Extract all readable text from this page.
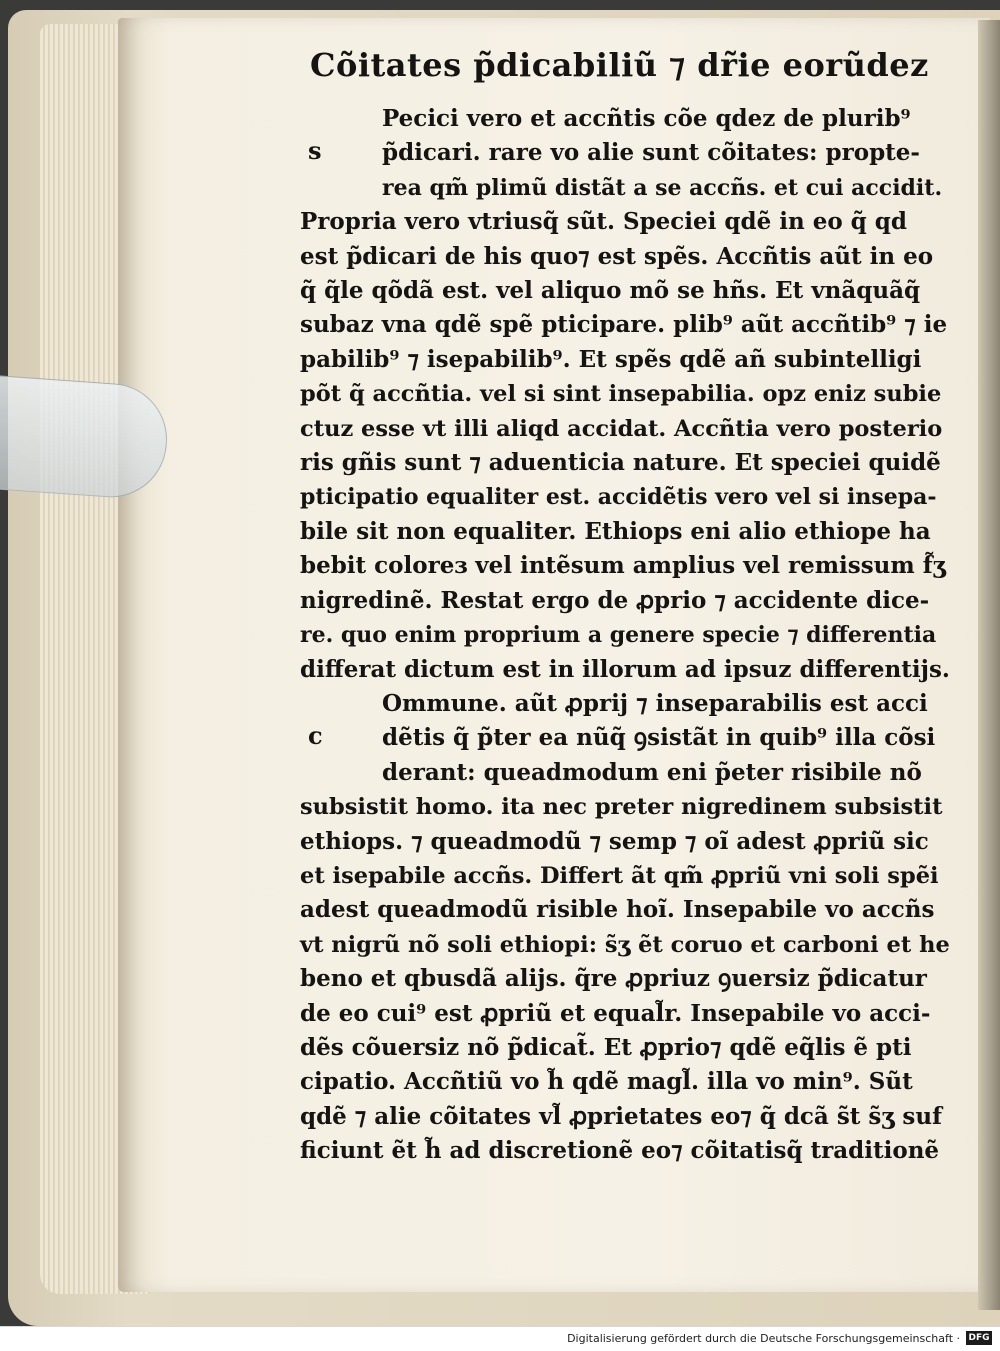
Cõitates p̃dicabiliũ ⁊ dr̃ie eorũdez
s
Pecici vero et accñtis cõe qdez de plurib⁹
p̃dicari. rare vo alie sunt cõitates: propte-
rea qm̃ plimũ distãt a se accñs. et cui accidit.
Propria vero vtriusq̃ sũt. Speciei qdẽ in eo q̃ qd
est p̃dicari de his quo⁊ est spẽs. Accñtis aũt in eo
q̃ q̃le qõdã est. vel aliquo mõ se hñs. Et vnãquãq̃
subaz vna qdẽ spẽ pticipare. plib⁹ aũt accñtib⁹ ⁊ ie
pabilib⁹ ⁊ isepabilib⁹. Et spẽs qdẽ añ subintelligi
põt q̃ accñtia. vel si sint insepabilia. opz eniz subie
ctuz esse vt illi aliqd accidat. Accñtia vero posterio
ris gñis sunt ⁊ aduenticia nature. Et speciei quidẽ
pticipatio equaliter est. accidẽtis vero vel si insepa-
bile sit non equaliter. Ethiops eni alio ethiope ha
bebit coloreɜ vel intẽsum amplius vel remissum f̃ʒ
nigredinẽ. Restat ergo de ꝓprio ⁊ accidente dice-
re. quo enim proprium a genere specie ⁊ differentia
differat dictum est in illorum ad ipsuz differentijs.
c
Ommune. aũt ꝓprij ⁊ inseparabilis est acci
dẽtis q̃ p̃ter ea nũq̃ ꝯsistãt in quib⁹ illa cõsi
derant: queadmodum eni p̃eter risibile nõ
subsistit homo. ita nec preter nigredinem subsistit
ethiops. ⁊ queadmodũ ⁊ semp ⁊ oĩ adest ꝓpriũ sic
et isepabile accñs. Differt ãt qm̃ ꝓpriũ vni soli spẽi
adest queadmodũ risible hoĩ. Insepabile vo accñs
vt nigrũ nõ soli ethiopi: s̃ʒ ẽt coruo et carboni et he
beno et qbusdã alijs. q̃re ꝓpriuz ꝯuersiz p̃dicatur
de eo cui⁹ est ꝓpriũ et equal̃r. Insepabile vo acci-
dẽs cõuersiz nõ p̃dicat̃. Et ꝓprio⁊ qdẽ eq̃lis ẽ pti
cipatio. Accñtiũ vo h̃ qdẽ magl̃. illa vo min⁹. Sũt
qdẽ ⁊ alie cõitates vl̃ ꝓprietates eo⁊ q̃ dcã s̃t s̃ʒ suf
ficiunt ẽt h̃ ad discretionẽ eo⁊ cõitatisq̃ traditionẽ
Digitalisierung gefördert durch die Deutsche Forschungsgemeinschaft · DFG
